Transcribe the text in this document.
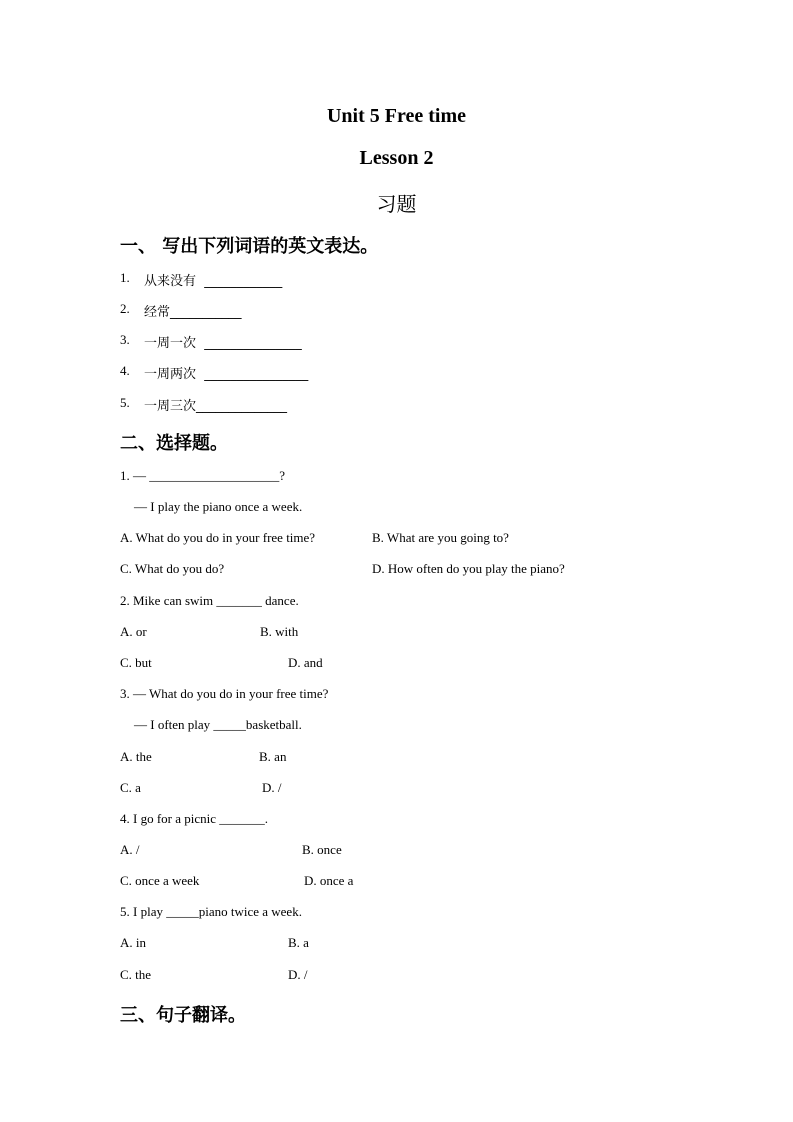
Unit 5 Free time
Lesson 2
习题

一、 写出下列词语的英文表达。

1. 从来没有  ____________
2. 经常___________
3. 一周一次  _______________
4. 一周两次  ________________
5. 一周三次______________

二、选择题。

1. — ____________________?
— I play the piano once a week.
A. What do you do in your free time?	B. What are you going to?
C. What do you do?	D. How often do you play the piano?
2. Mike can swim _______ dance.
A. or	B. with
C. but	D. and
3. — What do you do in your free time?
— I often play _____basketball.
A. the	B. an
C. a	D. /
4. I go for a picnic _______.
A. /	B. once
C. once a week	D. once a
5. I play _____piano twice a week.
A. in	B. a
C. the	D. /

三、句子翻译。
